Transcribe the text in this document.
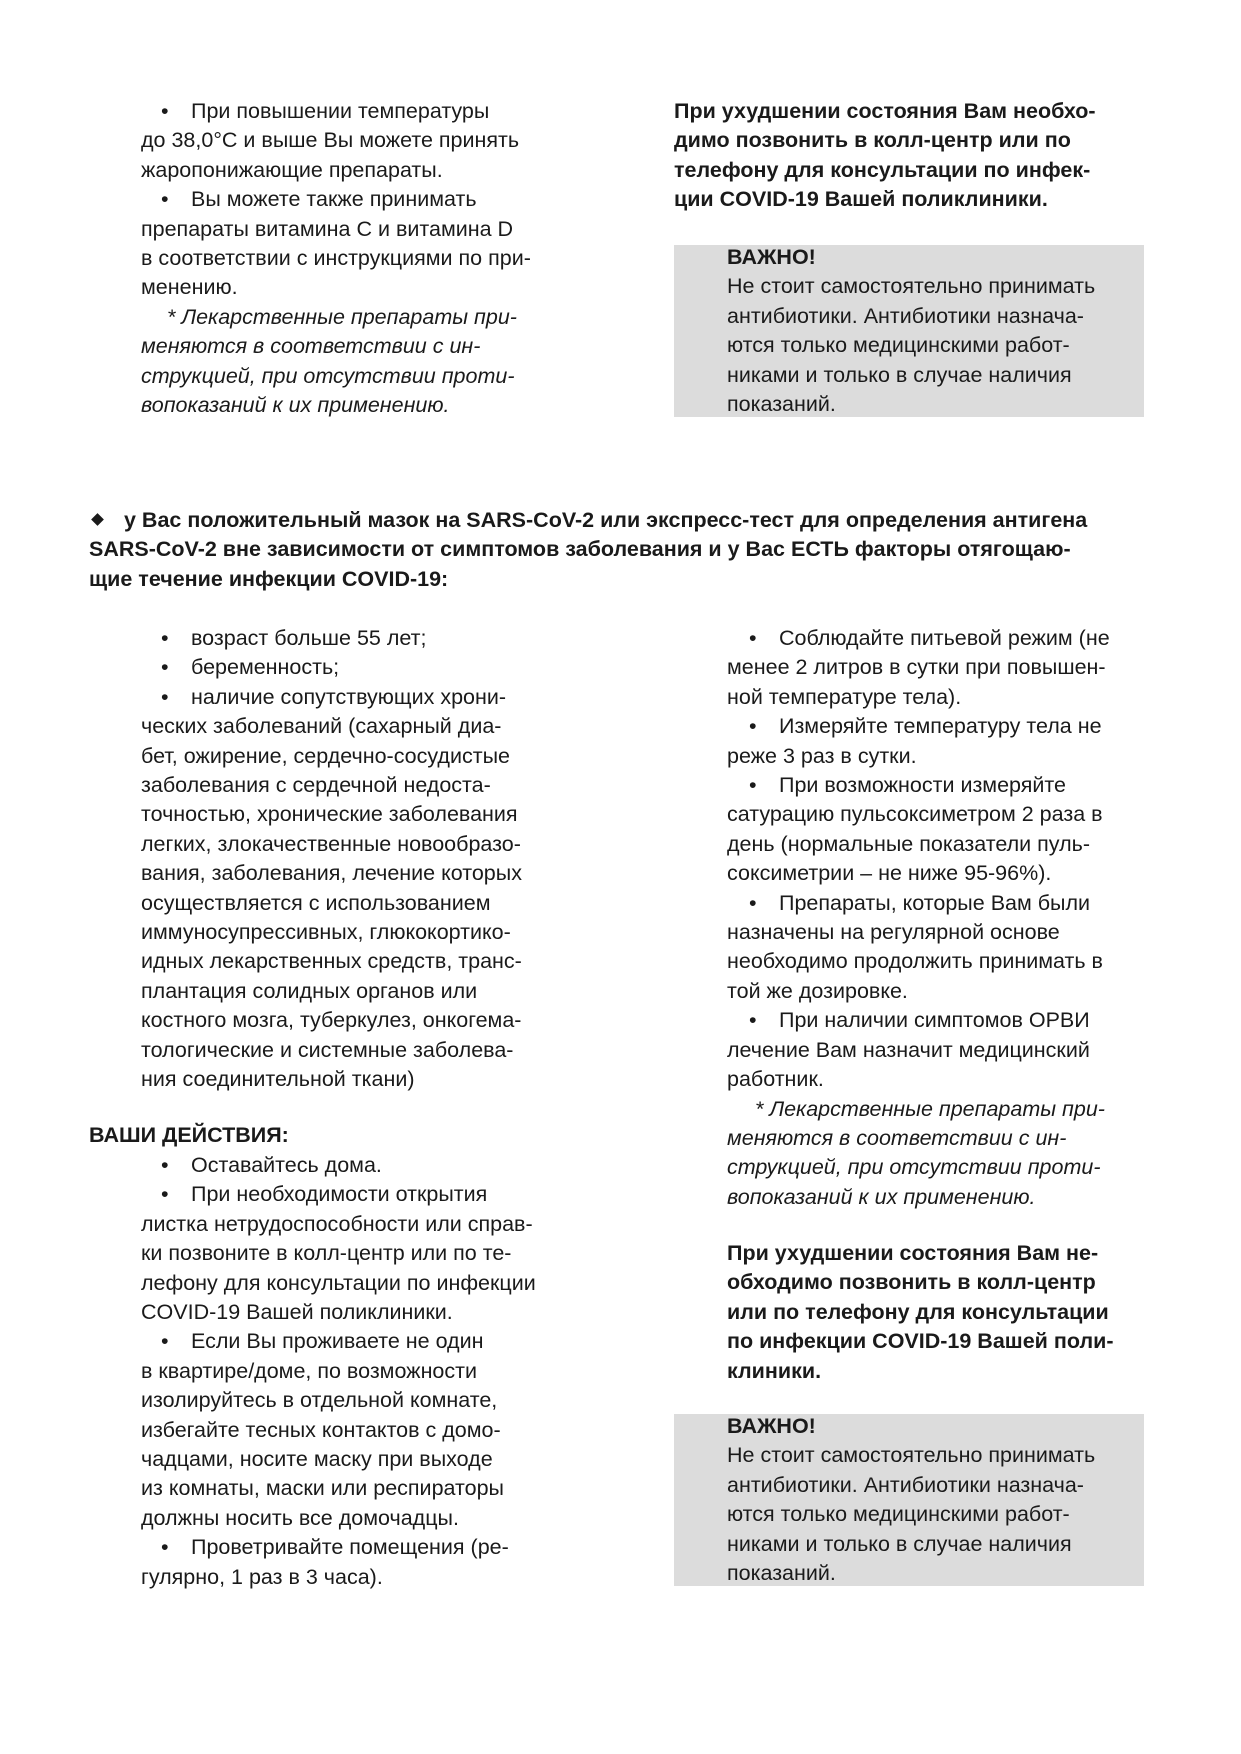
• При повышении температуры
до 38,0°С и выше Вы можете принять
жаропонижающие препараты.
• Вы можете также принимать
препараты витамина С и витамина D
в соответствии с инструкциями по при-
менению.
* Лекарственные препараты при-
меняются в соответствии с ин-
струкцией, при отсутствии проти-
вопоказаний к их применению.
При ухудшении состояния Вам необхо-
димо позвонить в колл-центр или по
телефону для консультации по инфек-
ции COVID-19 Вашей поликлиники.
ВАЖНО!
Не стоит самостоятельно принимать
антибиотики. Антибиотики назнача-
ются только медицинскими работ-
никами и только в случае наличия
показаний.
у Вас положительный мазок на SARS-CoV-2 или экспресс-тест для определения антигена
SARS-CoV-2 вне зависимости от симптомов заболевания и у Вас ЕСТЬ факторы отягощаю-
щие течение инфекции COVID-19:
• возраст больше 55 лет;
• беременность;
• наличие сопутствующих хрони-
ческих заболеваний (сахарный диа-
бет, ожирение, сердечно-сосудистые
заболевания с сердечной недоста-
точностью, хронические заболевания
легких, злокачественные новообразо-
вания, заболевания, лечение которых
осуществляется с использованием
иммуносупрессивных, глюкокортико-
идных лекарственных средств, транс-
плантация солидных органов или
костного мозга, туберкулез, онкогема-
тологические и системные заболева-
ния соединительной ткани)
ВАШИ ДЕЙСТВИЯ:
• Оставайтесь дома.
• При необходимости открытия
листка нетрудоспособности или справ-
ки позвоните в колл-центр или по те-
лефону для консультации по инфекции
COVID-19 Вашей поликлиники.
• Если Вы проживаете не один
в квартире/доме, по возможности
изолируйтесь в отдельной комнате,
избегайте тесных контактов с домо-
чадцами, носите маску при выходе
из комнаты, маски или респираторы
должны носить все домочадцы.
• Проветривайте помещения (ре-
гулярно, 1 раз в 3 часа).
• Соблюдайте питьевой режим (не
менее 2 литров в сутки при повышен-
ной температуре тела).
• Измеряйте температуру тела не
реже 3 раз в сутки.
• При возможности измеряйте
сатурацию пульсоксиметром 2 раза в
день (нормальные показатели пуль-
соксиметрии – не ниже 95-96%).
• Препараты, которые Вам были
назначены на регулярной основе
необходимо продолжить принимать в
той же дозировке.
• При наличии симптомов ОРВИ
лечение Вам назначит медицинский
работник.
* Лекарственные препараты при-
меняются в соответствии с ин-
струкцией, при отсутствии проти-
вопоказаний к их применению.
При ухудшении состояния Вам не-
обходимо позвонить в колл-центр
или по телефону для консультации
по инфекции COVID-19 Вашей поли-
клиники.
ВАЖНО!
Не стоит самостоятельно принимать
антибиотики. Антибиотики назнача-
ются только медицинскими работ-
никами и только в случае наличия
показаний.
